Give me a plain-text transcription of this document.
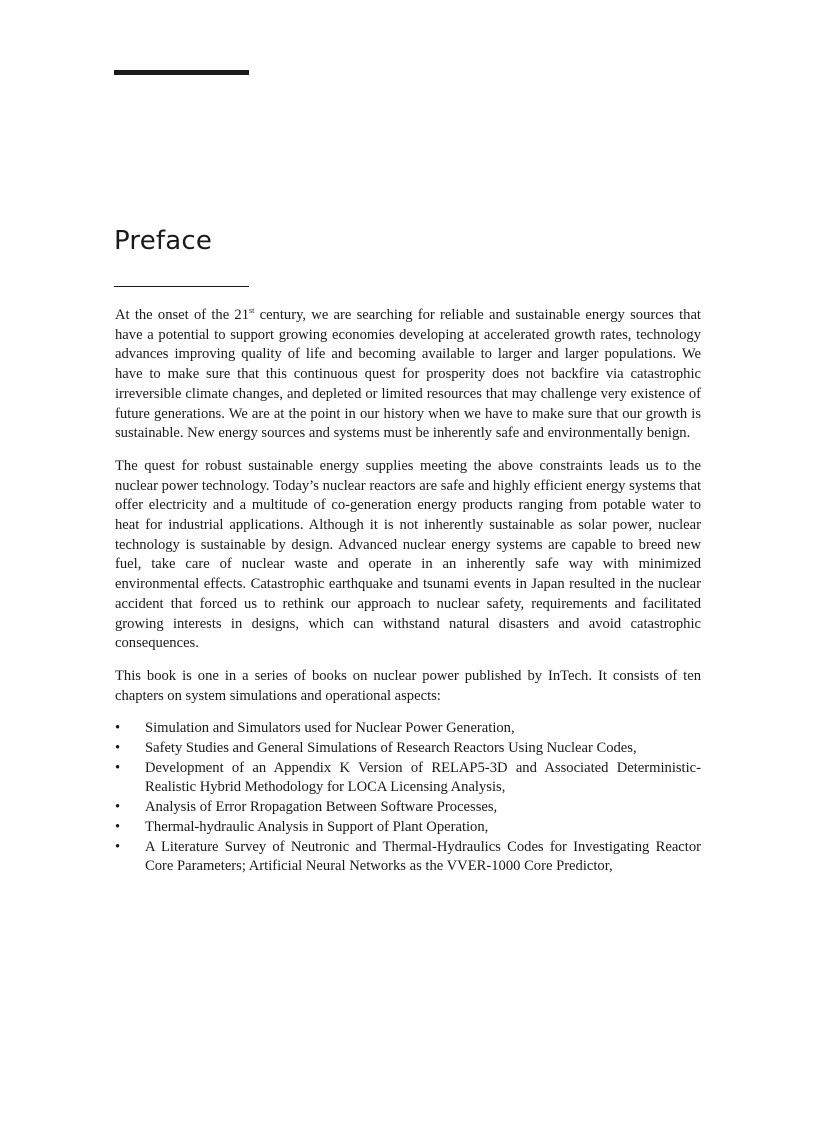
Preface

At the onset of the 21st century, we are searching for reliable and sustainable energy sources that have a potential to support growing economies developing at accelerated growth rates, technology advances improving quality of life and becoming available to larger and larger populations. We have to make sure that this continuous quest for prosperity does not backfire via catastrophic irreversible climate changes, and depleted or limited resources that may challenge very existence of future generations. We are at the point in our history when we have to make sure that our growth is sustainable. New energy sources and systems must be inherently safe and environmentally benign.

The quest for robust sustainable energy supplies meeting the above constraints leads us to the nuclear power technology. Today’s nuclear reactors are safe and highly efficient energy systems that offer electricity and a multitude of co-generation energy products ranging from potable water to heat for industrial applications. Although it is not inherently sustainable as solar power, nuclear technology is sustainable by design. Advanced nuclear energy systems are capable to breed new fuel, take care of nuclear waste and operate in an inherently safe way with minimized environmental effects. Catastrophic earthquake and tsunami events in Japan resulted in the nuclear accident that forced us to rethink our approach to nuclear safety, requirements and facilitated growing interests in designs, which can withstand natural disasters and avoid catastrophic consequences.

This book is one in a series of books on nuclear power published by InTech. It consists of ten chapters on system simulations and operational aspects:

• Simulation and Simulators used for Nuclear Power Generation,
• Safety Studies and General Simulations of Research Reactors Using Nuclear Codes,
• Development of an Appendix K Version of RELAP5-3D and Associated Deterministic-Realistic Hybrid Methodology for LOCA Licensing Analysis,
• Analysis of Error Rropagation Between Software Processes,
• Thermal-hydraulic Analysis in Support of Plant Operation,
• A Literature Survey of Neutronic and Thermal-Hydraulics Codes for Investigating Reactor Core Parameters; Artificial Neural Networks as the VVER-1000 Core Predictor,
